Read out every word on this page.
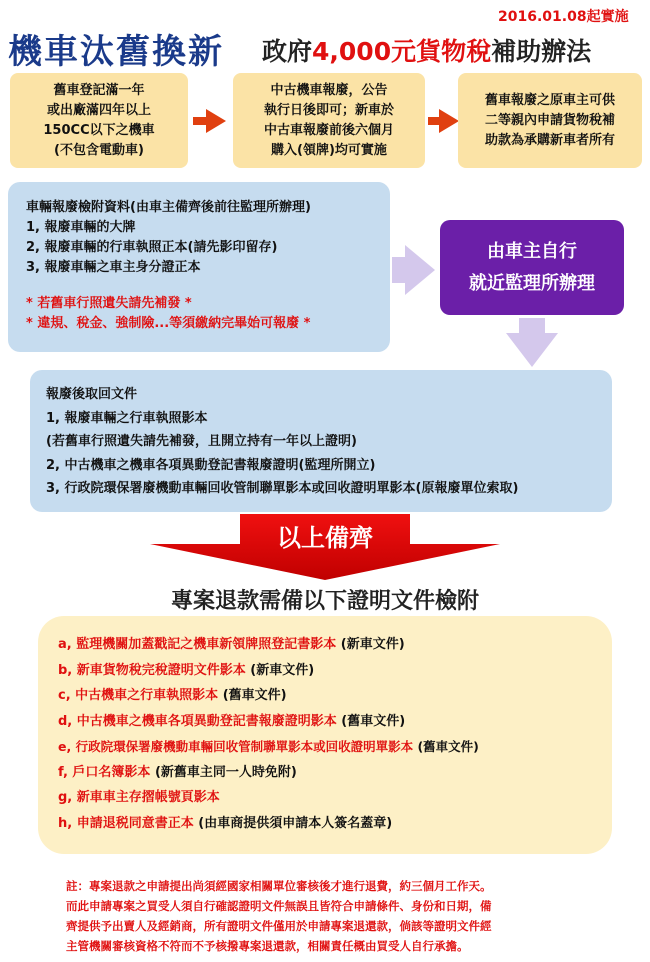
2016.01.08起實施
機車汰舊換新 政府4,000元貨物稅補助辦法
舊車登記滿一年
或出廠滿四年以上
150CC以下之機車
(不包含電動車)
中古機車報廢，公告
執行日後即可；新車於
中古車報廢前後六個月
購入(領牌)均可實施
舊車報廢之原車主可供
二等親內申請貨物稅補
助款為承購新車者所有
車輛報廢檢附資料(由車主備齊後前往監理所辦理)
1, 報廢車輛的大牌
2, 報廢車輛的行車執照正本(請先影印留存)
3, 報廢車輛之車主身分證正本
* 若舊車行照遺失請先補發 *
* 違規、稅金、強制險...等須繳納完畢始可報廢 *
由車主自行
就近監理所辦理
報廢後取回文件
1, 報廢車輛之行車執照影本
(若舊車行照遺失請先補發，且開立持有一年以上證明)
2, 中古機車之機車各項異動登記書報廢證明(監理所開立)
3, 行政院環保署廢機動車輛回收管制聯單影本或回收證明單影本(原報廢單位索取)
以上備齊
專案退款需備以下證明文件檢附
a, 監理機關加蓋戳記之機車新領牌照登記書影本 (新車文件)
b, 新車貨物稅完稅證明文件影本 (新車文件)
c, 中古機車之行車執照影本 (舊車文件)
d, 中古機車之機車各項異動登記書報廢證明影本 (舊車文件)
e, 行政院環保署廢機動車輛回收管制聯單影本或回收證明單影本 (舊車文件)
f, 戶口名簿影本 (新舊車主同一人時免附)
g, 新車車主存摺帳號頁影本
h, 申請退税同意書正本 (由車商提供須申請本人簽名蓋章)
註：專案退款之申請提出尚須經國家相關單位審核後才進行退費，約三個月工作天。
而此申請專案之買受人須自行確認證明文件無誤且皆符合申請條件、身份和日期，備
齊提供予出賣人及經銷商，所有證明文件僅用於申請專案退還款，倘該等證明文件經
主管機關審核資格不符而不予核撥專案退還款，相關責任概由買受人自行承擔。
